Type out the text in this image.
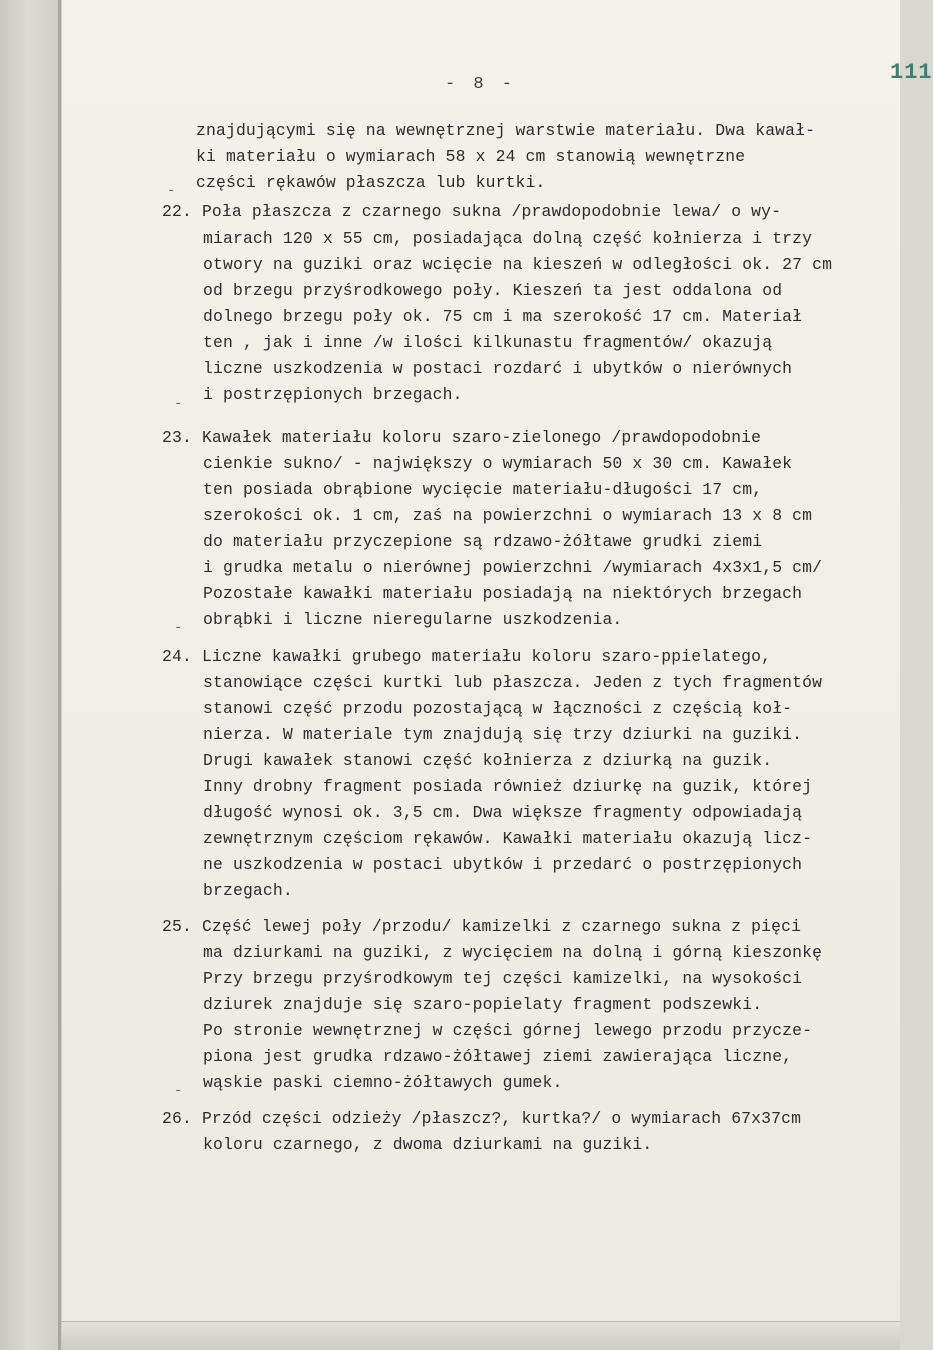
- 8 -	111
znajdującymi się na wewnętrznej warstwie materiału. Dwa kawał-
ki materiału o wymiarach 58 x 24 cm stanowią wewnętrzne
części rękawów płaszcza lub kurtki.
22. Poła płaszcza z czarnego sukna /prawdopodobnie lewa/ o wy-
miarach 120 x 55 cm, posiadająca dolną część kołnierza i trzy
otwory na guziki oraz wcięcie na kieszeń w odległości ok. 27 cm
od brzegu przyśrodkowego poły. Kieszeń ta jest oddalona od
dolnego brzegu poły ok. 75 cm i ma szerokość 17 cm. Materiał
ten , jak i inne /w ilości kilkunastu fragmentów/ okazują
liczne uszkodzenia w postaci rozdarć i ubytków o nierównych
i postrzępionych brzegach.
23. Kawałek materiału koloru szaro-zielonego /prawdopodobnie
cienkie sukno/ - największy o wymiarach 50 x 30 cm. Kawałek
ten posiada obrąbione wycięcie materiału-długości 17 cm,
szerokości ok. 1 cm, zaś na powierzchni o wymiarach 13 x 8 cm
do materiału przyczepione są rdzawo-żółtawe grudki ziemi
i grudka metalu o nierównej powierzchni /wymiarach 4x3x1,5 cm/
Pozostałe kawałki materiału posiadają na niektórych brzegach
obrąbki i liczne nieregularne uszkodzenia.
24. Liczne kawałki grubego materiału koloru szaro-ppielatego,
stanowiące części kurtki lub płaszcza. Jeden z tych fragmentów
stanowi część przodu pozostającą w łączności z częścią koł-
nierza. W materiale tym znajdują się trzy dziurki na guziki.
Drugi kawałek stanowi część kołnierza z dziurką na guzik.
Inny drobny fragment posiada również dziurkę na guzik, której
długość wynosi ok. 3,5 cm. Dwa większe fragmenty odpowiadają
zewnętrznym częściom rękawów. Kawałki materiału okazują licz-
ne uszkodzenia w postaci ubytków i przedarć o postrzępionych
brzegach.
25. Część lewej poły /przodu/ kamizelki z czarnego sukna z pięci
ma dziurkami na guziki, z wycięciem na dolną i górną kieszonkę
Przy brzegu przyśrodkowym tej części kamizelki, na wysokości
dziurek znajduje się szaro-popielaty fragment podszewki.
Po stronie wewnętrznej w części górnej lewego przodu przycze-
piona jest grudka rdzawo-żółtawej ziemi zawierająca liczne,
wąskie paski ciemno-żółtawych gumek.
26. Przód części odzieży /płaszcz?, kurtka?/ o wymiarach 67x37cm
koloru czarnego, z dwoma dziurkami na guziki.
-
-
-
-
